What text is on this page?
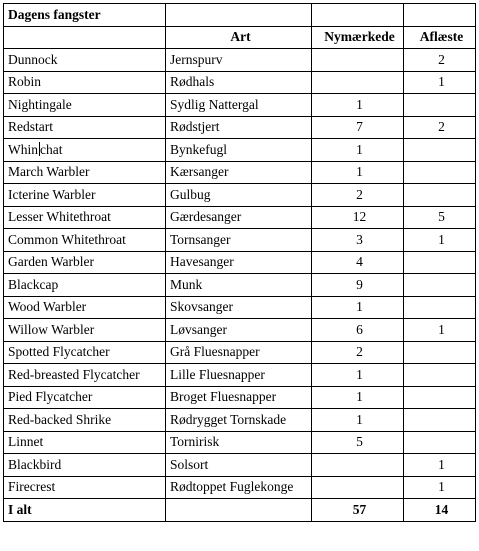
Dagens fangster			
	Art	Nymærkede	Aflæste
Dunnock	Jernspurv		2
Robin	Rødhals		1
Nightingale	Sydlig Nattergal	1	
Redstart	Rødstjert	7	2
Whin chat	Bynkefugl	1	
March Warbler	Kærsanger	1	
Icterine Warbler	Gulbug	2	
Lesser Whitethroat	Gærdesanger	12	5
Common Whitethroat	Tornsanger	3	1
Garden Warbler	Havesanger	4	
Blackcap	Munk	9	
Wood Warbler	Skovsanger	1	
Willow Warbler	Løvsanger	6	1
Spotted Flycatcher	Grå Fluesnapper	2	
Red-breasted Flycatcher	Lille Fluesnapper	1	
Pied Flycatcher	Broget Fluesnapper	1	
Red-backed Shrike	Rødrygget Tornskade	1	
Linnet	Tornirisk	5	
Blackbird	Solsort		1
Firecrest	Rødtoppet Fuglekonge		1
I alt		57	14
